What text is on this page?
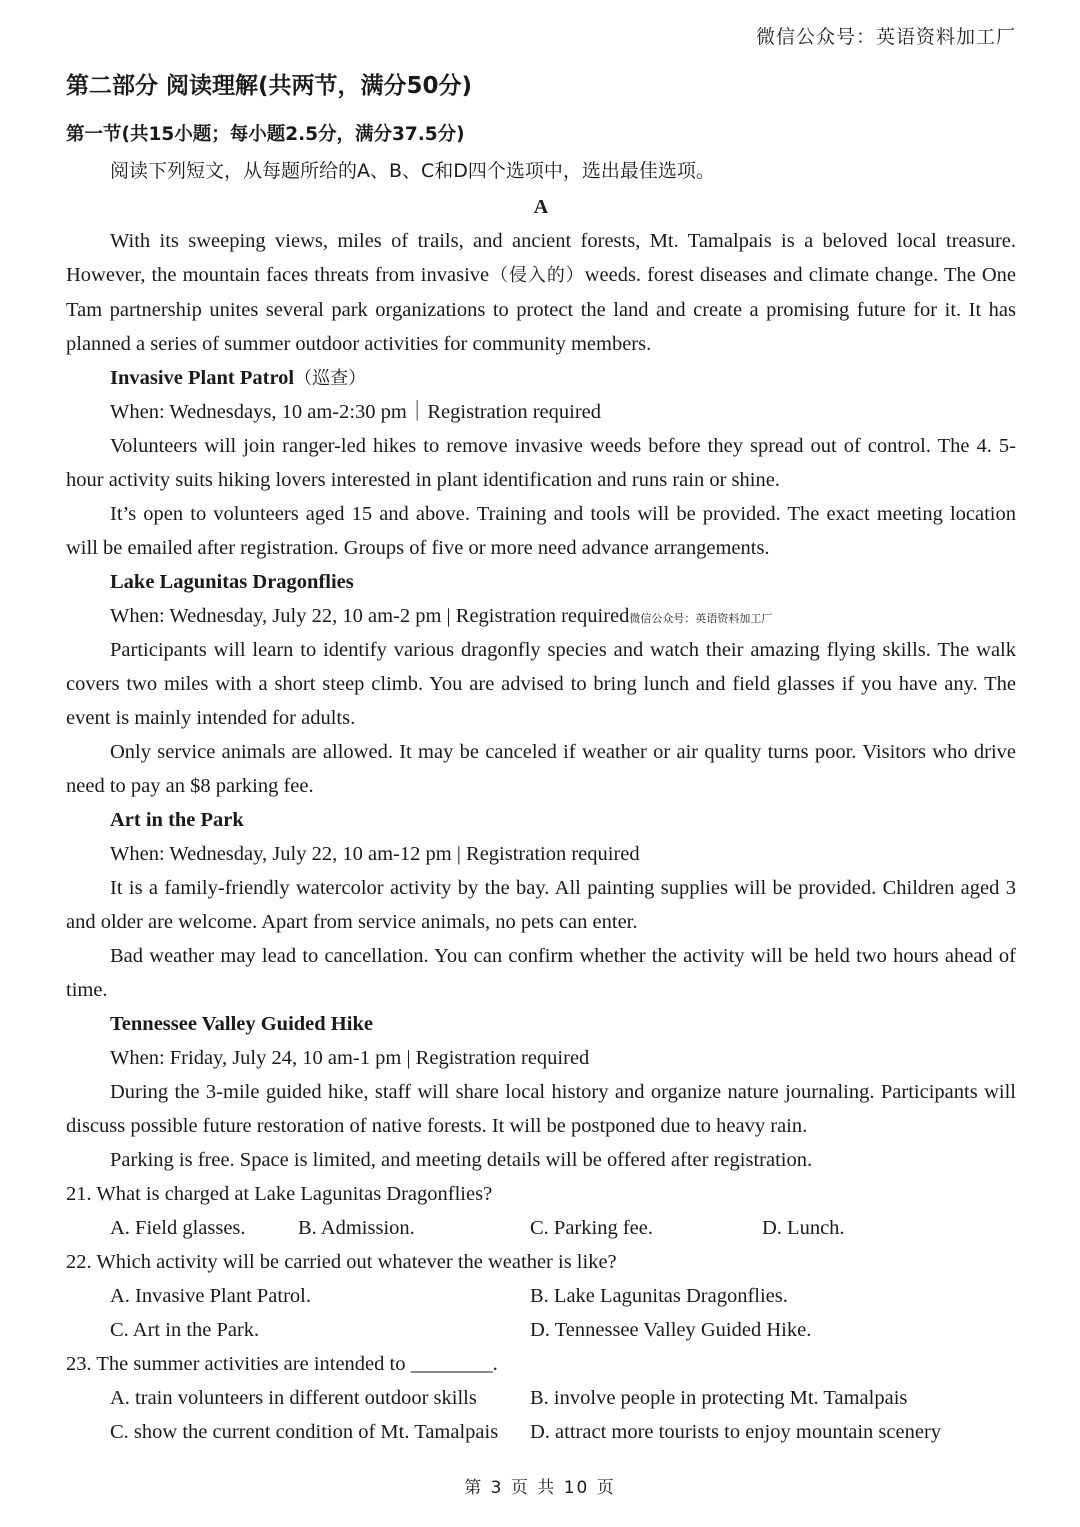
微信公众号：英语资料加工厂
第二部分 阅读理解(共两节，满分50分)
第一节(共15小题；每小题2.5分，满分37.5分)
阅读下列短文，从每题所给的A、B、C和D四个选项中，选出最佳选项。
A

With its sweeping views, miles of trails, and ancient forests, Mt. Tamalpais is a beloved local treasure. However, the mountain faces threats from invasive（侵入的）weeds. forest diseases and climate change. The One Tam partnership unites several park organizations to protect the land and create a promising future for it. It has planned a series of summer outdoor activities for community members.

Invasive Plant Patrol（巡查）
When: Wednesdays, 10 am-2:30 pm｜Registration required

Volunteers will join ranger-led hikes to remove invasive weeds before they spread out of control. The 4. 5-hour activity suits hiking lovers interested in plant identification and runs rain or shine.

It’s open to volunteers aged 15 and above. Training and tools will be provided. The exact meeting location will be emailed after registration. Groups of five or more need advance arrangements.

Lake Lagunitas Dragonflies
When: Wednesday, July 22, 10 am-2 pm | Registration required微信公众号：英语资料加工厂

Participants will learn to identify various dragonfly species and watch their amazing flying skills. The walk covers two miles with a short steep climb. You are advised to bring lunch and field glasses if you have any. The event is mainly intended for adults.

Only service animals are allowed. It may be canceled if weather or air quality turns poor. Visitors who drive need to pay an $8 parking fee.

Art in the Park
When: Wednesday, July 22, 10 am-12 pm | Registration required

It is a family-friendly watercolor activity by the bay. All painting supplies will be provided. Children aged 3 and older are welcome. Apart from service animals, no pets can enter.

Bad weather may lead to cancellation. You can confirm whether the activity will be held two hours ahead of time.

Tennessee Valley Guided Hike
When: Friday, July 24, 10 am-1 pm | Registration required

During the 3-mile guided hike, staff will share local history and organize nature journaling. Participants will discuss possible future restoration of native forests. It will be postponed due to heavy rain.

Parking is free. Space is limited, and meeting details will be offered after registration.

21. What is charged at Lake Lagunitas Dragonflies?
A. Field glasses.	B. Admission.	C. Parking fee.	D. Lunch.
22. Which activity will be carried out whatever the weather is like?
A. Invasive Plant Patrol.	B. Lake Lagunitas Dragonflies.
C. Art in the Park.	D. Tennessee Valley Guided Hike.
23. The summer activities are intended to ________.
A. train volunteers in different outdoor skills	B. involve people in protecting Mt. Tamalpais
C. show the current condition of Mt. Tamalpais D. attract more tourists to enjoy mountain scenery
第 3 页 共 10 页
